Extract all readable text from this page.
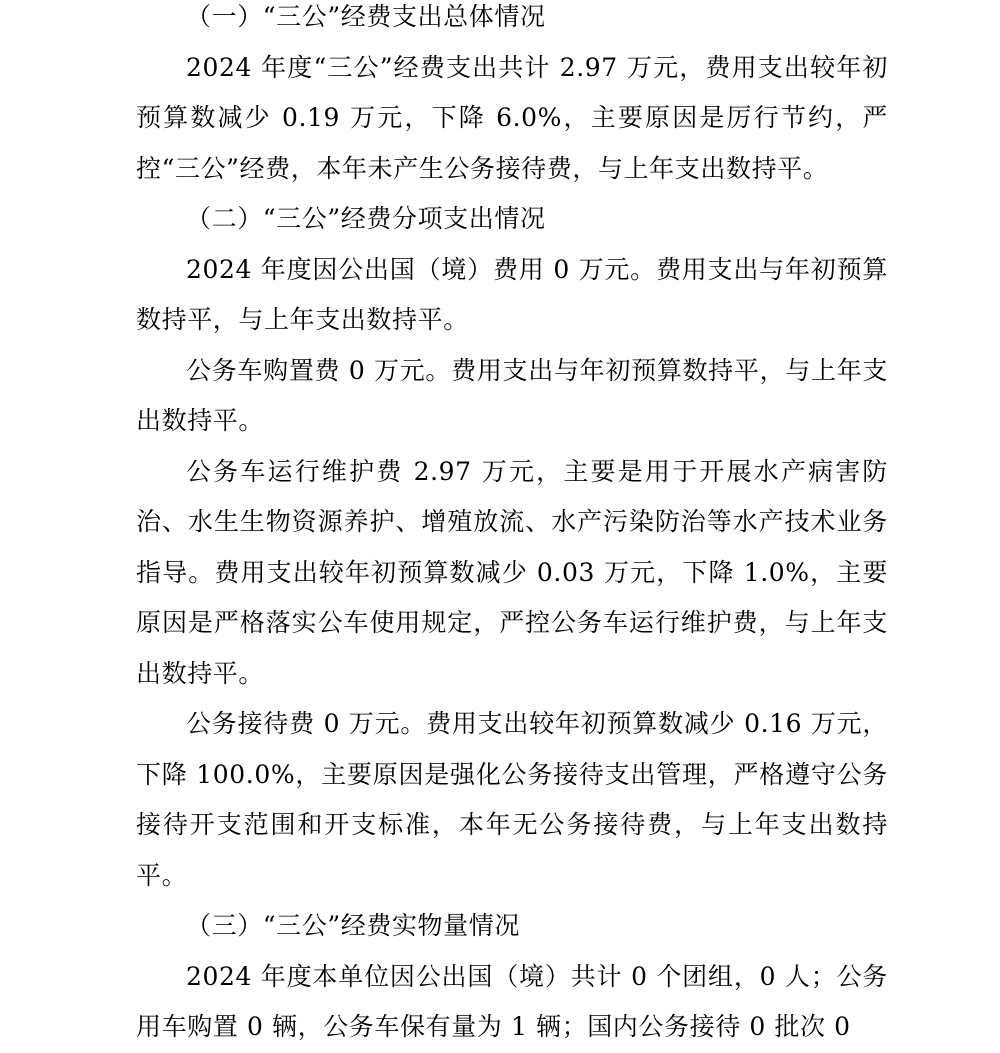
（一）“三公”经费支出总体情况

2024 年度“三公”经费支出共计 2.97 万元，费用支出较年初预算数减少 0.19 万元，下降 6.0%，主要原因是厉行节约，严控“三公”经费，本年未产生公务接待费，与上年支出数持平。

（二）“三公”经费分项支出情况

2024 年度因公出国（境）费用 0 万元。费用支出与年初预算数持平，与上年支出数持平。

公务车购置费 0 万元。费用支出与年初预算数持平，与上年支出数持平。

公务车运行维护费 2.97 万元，主要是用于开展水产病害防治、水生生物资源养护、增殖放流、水产污染防治等水产技术业务指导。费用支出较年初预算数减少 0.03 万元，下降 1.0%，主要原因是严格落实公车使用规定，严控公务车运行维护费，与上年支出数持平。

公务接待费 0 万元。费用支出较年初预算数减少 0.16 万元，下降 100.0%，主要原因是强化公务接待支出管理，严格遵守公务接待开支范围和开支标准，本年无公务接待费，与上年支出数持平。

（三）“三公”经费实物量情况

2024 年度本单位因公出国（境）共计 0 个团组，0 人；公务用车购置 0 辆，公务车保有量为 1 辆；国内公务接待 0 批次 0
